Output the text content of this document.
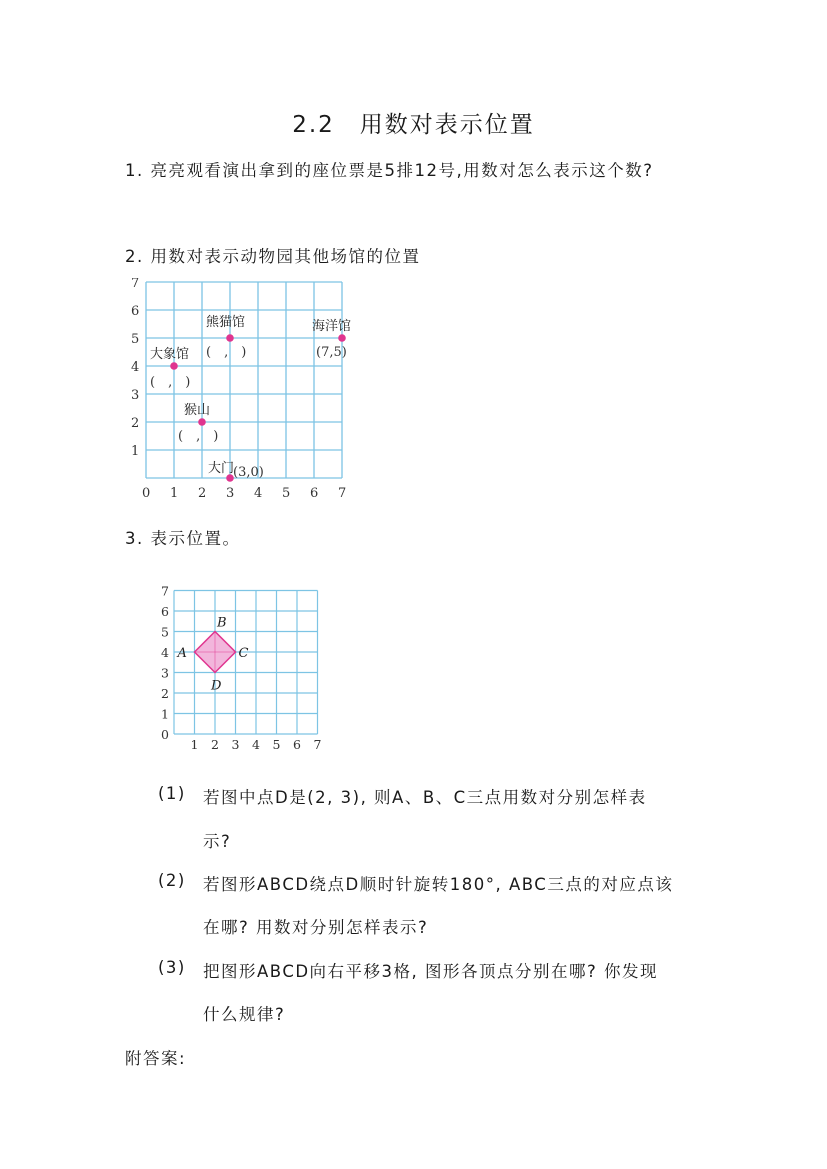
2.2　用数对表示位置
1. 亮亮观看演出拿到的座位票是5排12号,用数对怎么表示这个数?
2. 用数对表示动物园其他场馆的位置
0 1 2 3 4 5 6 7
1
2
3
4
5
6
7
熊猫馆
(　,　)
海洋馆
(7,5)
大象馆
(　,　)
猴山
(　,　)
大门
(3,0)
3. 表示位置。
1 2 3 4 5 6 7
0
1
2
3
4
5
6
7
A
B
C
D
(1) 若图中点D是(2, 3), 则A、B、C三点用数对分别怎样表
示?
(2) 若图形ABCD绕点D顺时针旋转180°, ABC三点的对应点该
在哪? 用数对分别怎样表示?
(3) 把图形ABCD向右平移3格, 图形各顶点分别在哪? 你发现
什么规律?
附答案:
